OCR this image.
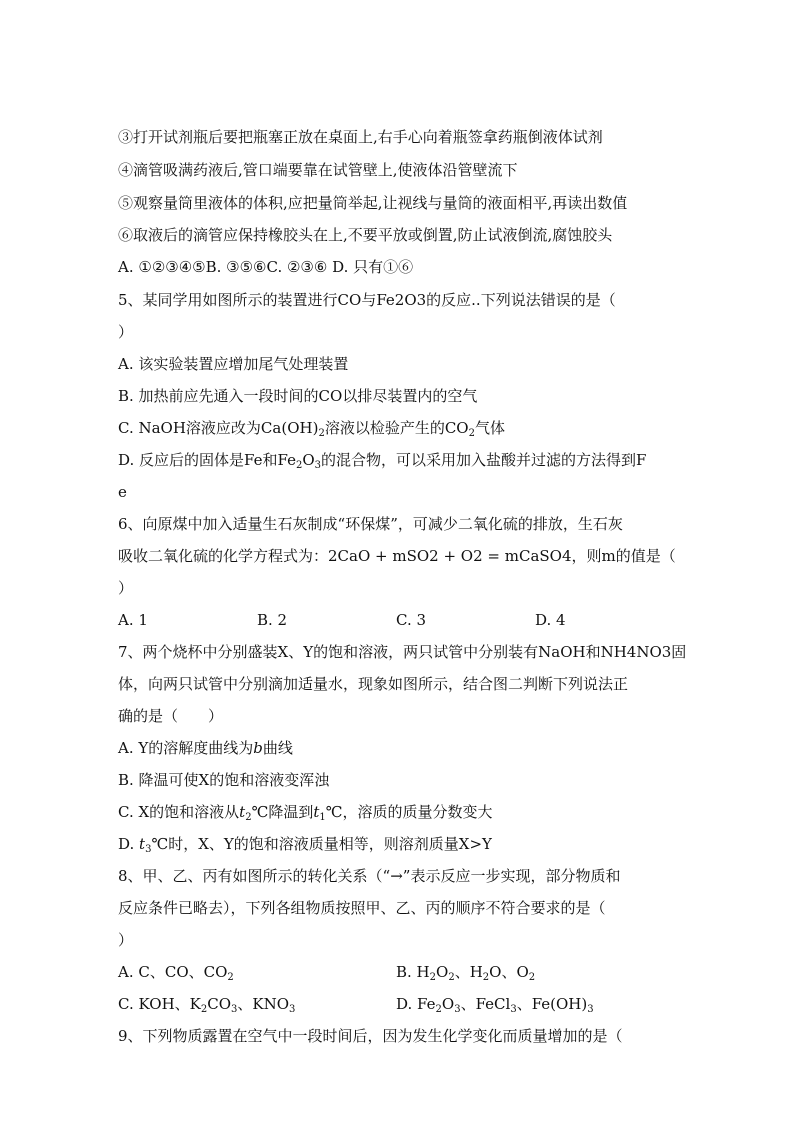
③打开试剂瓶后要把瓶塞正放在桌面上,右手心向着瓶签拿药瓶倒液体试剂
④滴管吸满药液后,管口端要靠在试管壁上,使液体沿管壁流下
⑤观察量筒里液体的体积,应把量筒举起,让视线与量筒的液面相平,再读出数值
⑥取液后的滴管应保持橡胶头在上,不要平放或倒置,防止试液倒流,腐蚀胶头
A. ①②③④⑤B. ③⑤⑥C. ②③⑥ D. 只有①⑥
5、某同学用如图所示的装置进行CO与Fe2O3的反应..下列说法错误的是（
）
A. 该实验装置应增加尾气处理装置
B. 加热前应先通入一段时间的CO以排尽装置内的空气
C. NaOH溶液应改为$Ca(OH)_2$溶液以检验产生的$CO_2$气体
D. 反应后的固体是Fe和$Fe_2O_3$的混合物，可以采用加入盐酸并过滤的方法得到F
e
6、向原煤中加入适量生石灰制成“环保煤”，可减少二氧化硫的排放，生石灰
吸收二氧化硫的化学方程式为：2CaO + mSO2 + O2 = mCaSO4，则m的值是（
）
A. 1	B. 2	C. 3	D. 4
7、两个烧杯中分别盛装X、Y的饱和溶液，两只试管中分别装有NaOH和NH4NO3固
体，向两只试管中分别滴加适量水，现象如图所示，结合图二判断下列说法正
确的是（　　）
A. Y的溶解度曲线为b曲线
B. 降温可使X的饱和溶液变浑浊
C. X的饱和溶液从$t_2℃$降温到$t_1℃$，溶质的质量分数变大
D. $t_3℃$时，X、Y的饱和溶液质量相等，则溶剂质量X>Y
8、甲、乙、丙有如图所示的转化关系（“→”表示反应一步实现，部分物质和
反应条件已略去），下列各组物质按照甲、乙、丙的顺序不符合要求的是（
）
A. C、CO、$CO_2$	B. $H_2O_2$、$H_2O$、$O_2$
C. KOH、$K_2CO_3$、$KNO_3$	D. $Fe_2O_3$、FeCl$_3$、$Fe(OH)_3$
9、下列物质露置在空气中一段时间后，因为发生化学变化而质量增加的是（
